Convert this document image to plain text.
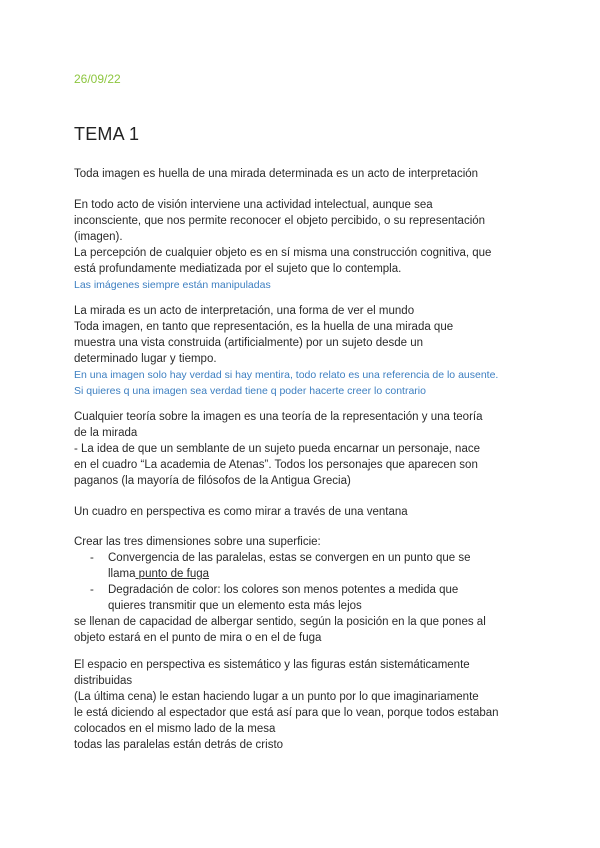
26/09/22
TEMA 1
Toda imagen es huella de una mirada determinada es un acto de interpretación
En todo acto de visión interviene una actividad intelectual, aunque sea
inconsciente, que nos permite reconocer el objeto percibido, o su representación
(imagen).
La percepción de cualquier objeto es en sí misma una construcción cognitiva, que
está profundamente mediatizada por el sujeto que lo contempla.
Las imágenes siempre están manipuladas
La mirada es un acto de interpretación, una forma de ver el mundo
Toda imagen, en tanto que representación, es la huella de una mirada que
muestra una vista construida (artificialmente) por un sujeto desde un
determinado lugar y tiempo.
En una imagen solo hay verdad si hay mentira, todo relato es una referencia de lo ausente.
Si quieres q una imagen sea verdad tiene q poder hacerte creer lo contrario
Cualquier teoría sobre la imagen es una teoría de la representación y una teoría
de la mirada
- La idea de que un semblante de un sujeto pueda encarnar un personaje, nace
en el cuadro “La academia de Atenas”. Todos los personajes que aparecen son
paganos (la mayoría de filósofos de la Antigua Grecia)
Un cuadro en perspectiva es como mirar a través de una ventana
Crear las tres dimensiones sobre una superficie:
- Convergencia de las paralelas, estas se convergen en un punto que se
llama punto de fuga
- Degradación de color: los colores son menos potentes a medida que
quieres transmitir que un elemento esta más lejos
se llenan de capacidad de albergar sentido, según la posición en la que pones al
objeto estará en el punto de mira o en el de fuga
El espacio en perspectiva es sistemático y las figuras están sistemáticamente
distribuidas
(La última cena) le estan haciendo lugar a un punto por lo que imaginariamente
le está diciendo al espectador que está así para que lo vean, porque todos estaban
colocados en el mismo lado de la mesa
todas las paralelas están detrás de cristo
